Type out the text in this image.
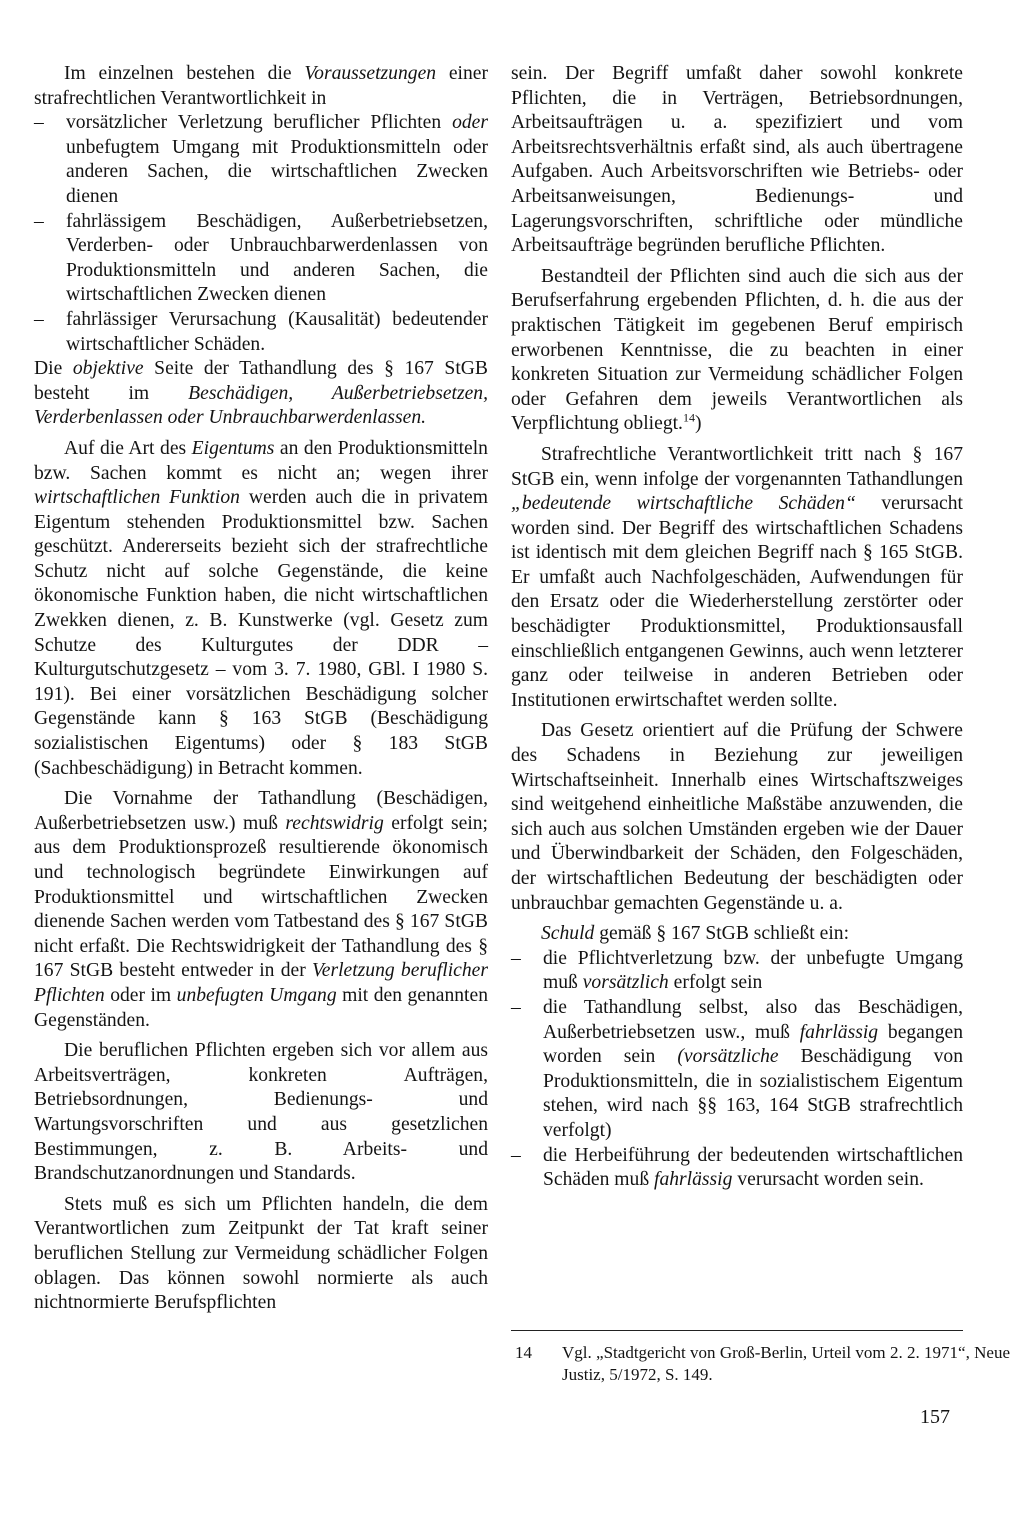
Im einzelnen bestehen die Voraussetzungen einer strafrechtlichen Verantwortlichkeit in

– vorsätzlicher Verletzung beruflicher Pflichten oder unbefugtem Umgang mit Produktionsmitteln oder anderen Sachen, die wirtschaftlichen Zwecken dienen

– fahrlässigem Beschädigen, Außerbetriebsetzen, Verderben- oder Unbrauchbarwerdenlassen von Produktionsmitteln und anderen Sachen, die wirtschaftlichen Zwecken dienen

– fahrlässiger Verursachung (Kausalität) bedeutender wirtschaftlicher Schäden.

Die objektive Seite der Tathandlung des § 167 StGB besteht im Beschädigen, Außerbetriebsetzen, Verderbenlassen oder Unbrauchbarwerdenlassen.

Auf die Art des Eigentums an den Produktionsmitteln bzw. Sachen kommt es nicht an; wegen ihrer wirtschaftlichen Funktion werden auch die in privatem Eigentum stehenden Produktionsmittel bzw. Sachen geschützt. Andererseits bezieht sich der strafrechtliche Schutz nicht auf solche Gegenstände, die keine ökonomische Funktion haben, die nicht wirtschaftlichen Zwekken dienen, z. B. Kunstwerke (vgl. Gesetz zum Schutze des Kulturgutes der DDR – Kulturgutschutzgesetz – vom 3. 7. 1980, GBl. I 1980 S. 191). Bei einer vorsätzlichen Beschädigung solcher Gegenstände kann § 163 StGB (Beschädigung sozialistischen Eigentums) oder § 183 StGB (Sachbeschädigung) in Betracht kommen.

Die Vornahme der Tathandlung (Beschädigen, Außerbetriebsetzen usw.) muß rechtswidrig erfolgt sein; aus dem Produktionsprozeß resultierende ökonomisch und technologisch begründete Einwirkungen auf Produktionsmittel und wirtschaftlichen Zwecken dienende Sachen werden vom Tatbestand des § 167 StGB nicht erfaßt. Die Rechtswidrigkeit der Tathandlung des § 167 StGB besteht entweder in der Verletzung beruflicher Pflichten oder im unbefugten Umgang mit den genannten Gegenständen.

Die beruflichen Pflichten ergeben sich vor allem aus Arbeitsverträgen, konkreten Aufträgen, Betriebsordnungen, Bedienungs- und Wartungsvorschriften und aus gesetzlichen Bestimmungen, z. B. Arbeits- und Brandschutzanordnungen und Standards.

Stets muß es sich um Pflichten handeln, die dem Verantwortlichen zum Zeitpunkt der Tat kraft seiner beruflichen Stellung zur Vermeidung schädlicher Folgen oblagen. Das können sowohl normierte als auch nichtnormierte Berufspflichten

sein. Der Begriff umfaßt daher sowohl konkrete Pflichten, die in Verträgen, Betriebsordnungen, Arbeitsaufträgen u. a. spezifiziert und vom Arbeitsrechtsverhältnis erfaßt sind, als auch übertragene Aufgaben. Auch Arbeitsvorschriften wie Betriebs- oder Arbeitsanweisungen, Bedienungs- und Lagerungsvorschriften, schriftliche oder mündliche Arbeitsaufträge begründen berufliche Pflichten.

Bestandteil der Pflichten sind auch die sich aus der Berufserfahrung ergebenden Pflichten, d. h. die aus der praktischen Tätigkeit im gegebenen Beruf empirisch erworbenen Kenntnisse, die zu beachten in einer konkreten Situation zur Vermeidung schädlicher Folgen oder Gefahren dem jeweils Verantwortlichen als Verpflichtung obliegt.$^{14}$)

Strafrechtliche Verantwortlichkeit tritt nach § 167 StGB ein, wenn infolge der vorgenannten Tathandlungen „bedeutende wirtschaftliche Schäden“ verursacht worden sind. Der Begriff des wirtschaftlichen Schadens ist identisch mit dem gleichen Begriff nach § 165 StGB. Er umfaßt auch Nachfolgeschäden, Aufwendungen für den Ersatz oder die Wiederherstellung zerstörter oder beschädigter Produktionsmittel, Produktionsausfall einschließlich entgangenen Gewinns, auch wenn letzterer ganz oder teilweise in anderen Betrieben oder Institutionen erwirtschaftet werden sollte.

Das Gesetz orientiert auf die Prüfung der Schwere des Schadens in Beziehung zur jeweiligen Wirtschaftseinheit. Innerhalb eines Wirtschaftszweiges sind weitgehend einheitliche Maßstäbe anzuwenden, die sich auch aus solchen Umständen ergeben wie der Dauer und Überwindbarkeit der Schäden, den Folgeschäden, der wirtschaftlichen Bedeutung der beschädigten oder unbrauchbar gemachten Gegenstände u. a.

Schuld gemäß § 167 StGB schließt ein:

– die Pflichtverletzung bzw. der unbefugte Umgang muß vorsätzlich erfolgt sein

– die Tathandlung selbst, also das Beschädigen, Außerbetriebsetzen usw., muß fahrlässig begangen worden sein (vorsätzliche Beschädigung von Produktionsmitteln, die in sozialistischem Eigentum stehen, wird nach §§ 163, 164 StGB strafrechtlich verfolgt)

– die Herbeiführung der bedeutenden wirtschaftlichen Schäden muß fahrlässig verursacht worden sein.

14 Vgl. „Stadtgericht von Groß-Berlin, Urteil vom 2. 2. 1971“, Neue Justiz, 5/1972, S. 149.

157
